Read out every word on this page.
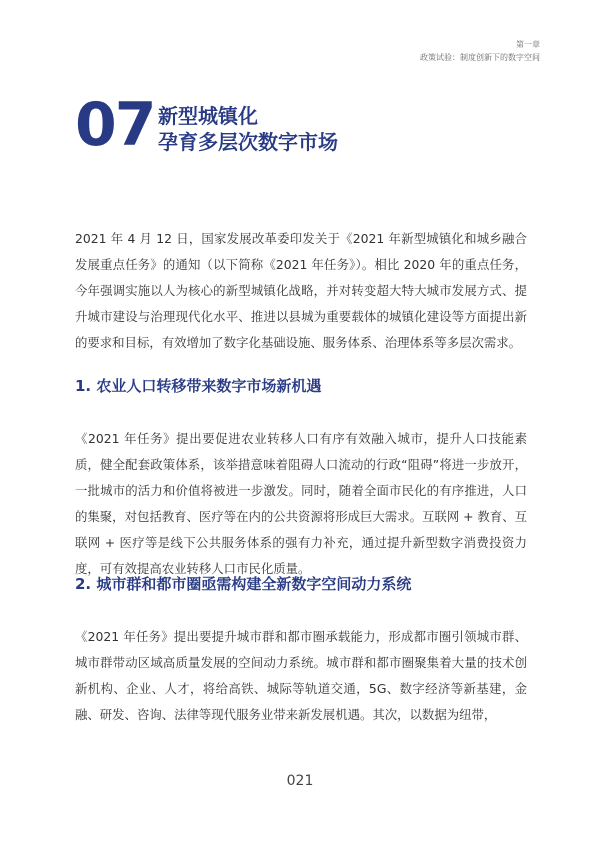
第一章
政策试验：制度创新下的数字空间
07 新型城镇化
孕育多层次数字市场
2021 年 4 月 12 日，国家发展改革委印发关于《2021 年新型城镇化和城乡融合发展重点任务》的通知（以下简称《2021 年任务》）。相比 2020 年的重点任务，今年强调实施以人为核心的新型城镇化战略，并对转变超大特大城市发展方式、提升城市建设与治理现代化水平、推进以县城为重要载体的城镇化建设等方面提出新的要求和目标，有效增加了数字化基础设施、服务体系、治理体系等多层次需求。
1. 农业人口转移带来数字市场新机遇
《2021 年任务》提出要促进农业转移人口有序有效融入城市，提升人口技能素质，健全配套政策体系，该举措意味着阻碍人口流动的行政“阻碍”将进一步放开，一批城市的活力和价值将被进一步激发。同时，随着全面市民化的有序推进，人口的集聚，对包括教育、医疗等在内的公共资源将形成巨大需求。互联网 + 教育、互联网 + 医疗等是线下公共服务体系的强有力补充，通过提升新型数字消费投资力度，可有效提高农业转移人口市民化质量。
2. 城市群和都市圈亟需构建全新数字空间动力系统
《2021 年任务》提出要提升城市群和都市圈承载能力，形成都市圈引领城市群、城市群带动区域高质量发展的空间动力系统。城市群和都市圈聚集着大量的技术创新机构、企业、人才，将给高铁、城际等轨道交通，5G、数字经济等新基建，金融、研发、咨询、法律等现代服务业带来新发展机遇。其次，以数据为纽带，
021
